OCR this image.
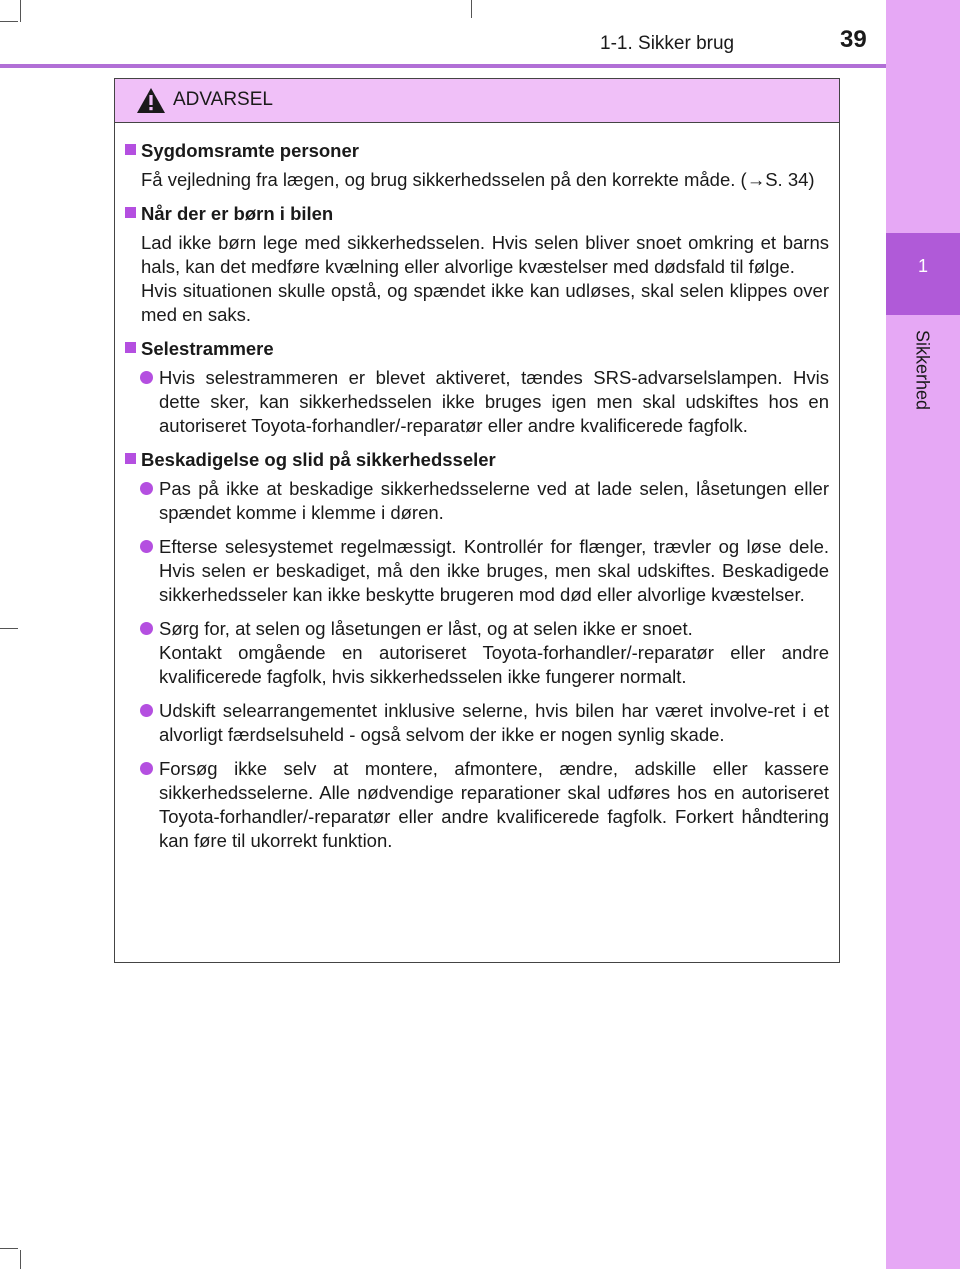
1-1. Sikker brug	39
1
Sikkerhed
ADVARSEL
Sygdomsramte personer

Få vejledning fra lægen, og brug sikkerhedsselen på den korrekte måde. (→S. 34)

Når der er børn i bilen

Lad ikke børn lege med sikkerhedsselen. Hvis selen bliver snoet omkring et barns hals, kan det medføre kvælning eller alvorlige kvæstelser med dødsfald til følge.

Hvis situationen skulle opstå, og spændet ikke kan udløses, skal selen klippes over med en saks.

Selestrammere

Hvis selestrammeren er blevet aktiveret, tændes SRS-advarselslampen. Hvis dette sker, kan sikkerhedsselen ikke bruges igen men skal udskiftes hos en autoriseret Toyota-forhandler/-reparatør eller andre kvalificerede fagfolk.

Beskadigelse og slid på sikkerhedsseler

Pas på ikke at beskadige sikkerhedsselerne ved at lade selen, låsetungen eller spændet komme i klemme i døren.

Efterse selesystemet regelmæssigt. Kontrollér for flænger, trævler og løse dele. Hvis selen er beskadiget, må den ikke bruges, men skal udskiftes. Beskadigede sikkerhedsseler kan ikke beskytte brugeren mod død eller alvorlige kvæstelser.

Sørg for, at selen og låsetungen er låst, og at selen ikke er snoet.

Kontakt omgående en autoriseret Toyota-forhandler/-reparatør eller andre kvalificerede fagfolk, hvis sikkerhedsselen ikke fungerer normalt.

Udskift selearrangementet inklusive selerne, hvis bilen har været involve-ret i et alvorligt færdselsuheld - også selvom der ikke er nogen synlig skade.

Forsøg ikke selv at montere, afmontere, ændre, adskille eller kassere sikkerhedsselerne. Alle nødvendige reparationer skal udføres hos en autoriseret Toyota-forhandler/-reparatør eller andre kvalificerede fagfolk. Forkert håndtering kan føre til ukorrekt funktion.
